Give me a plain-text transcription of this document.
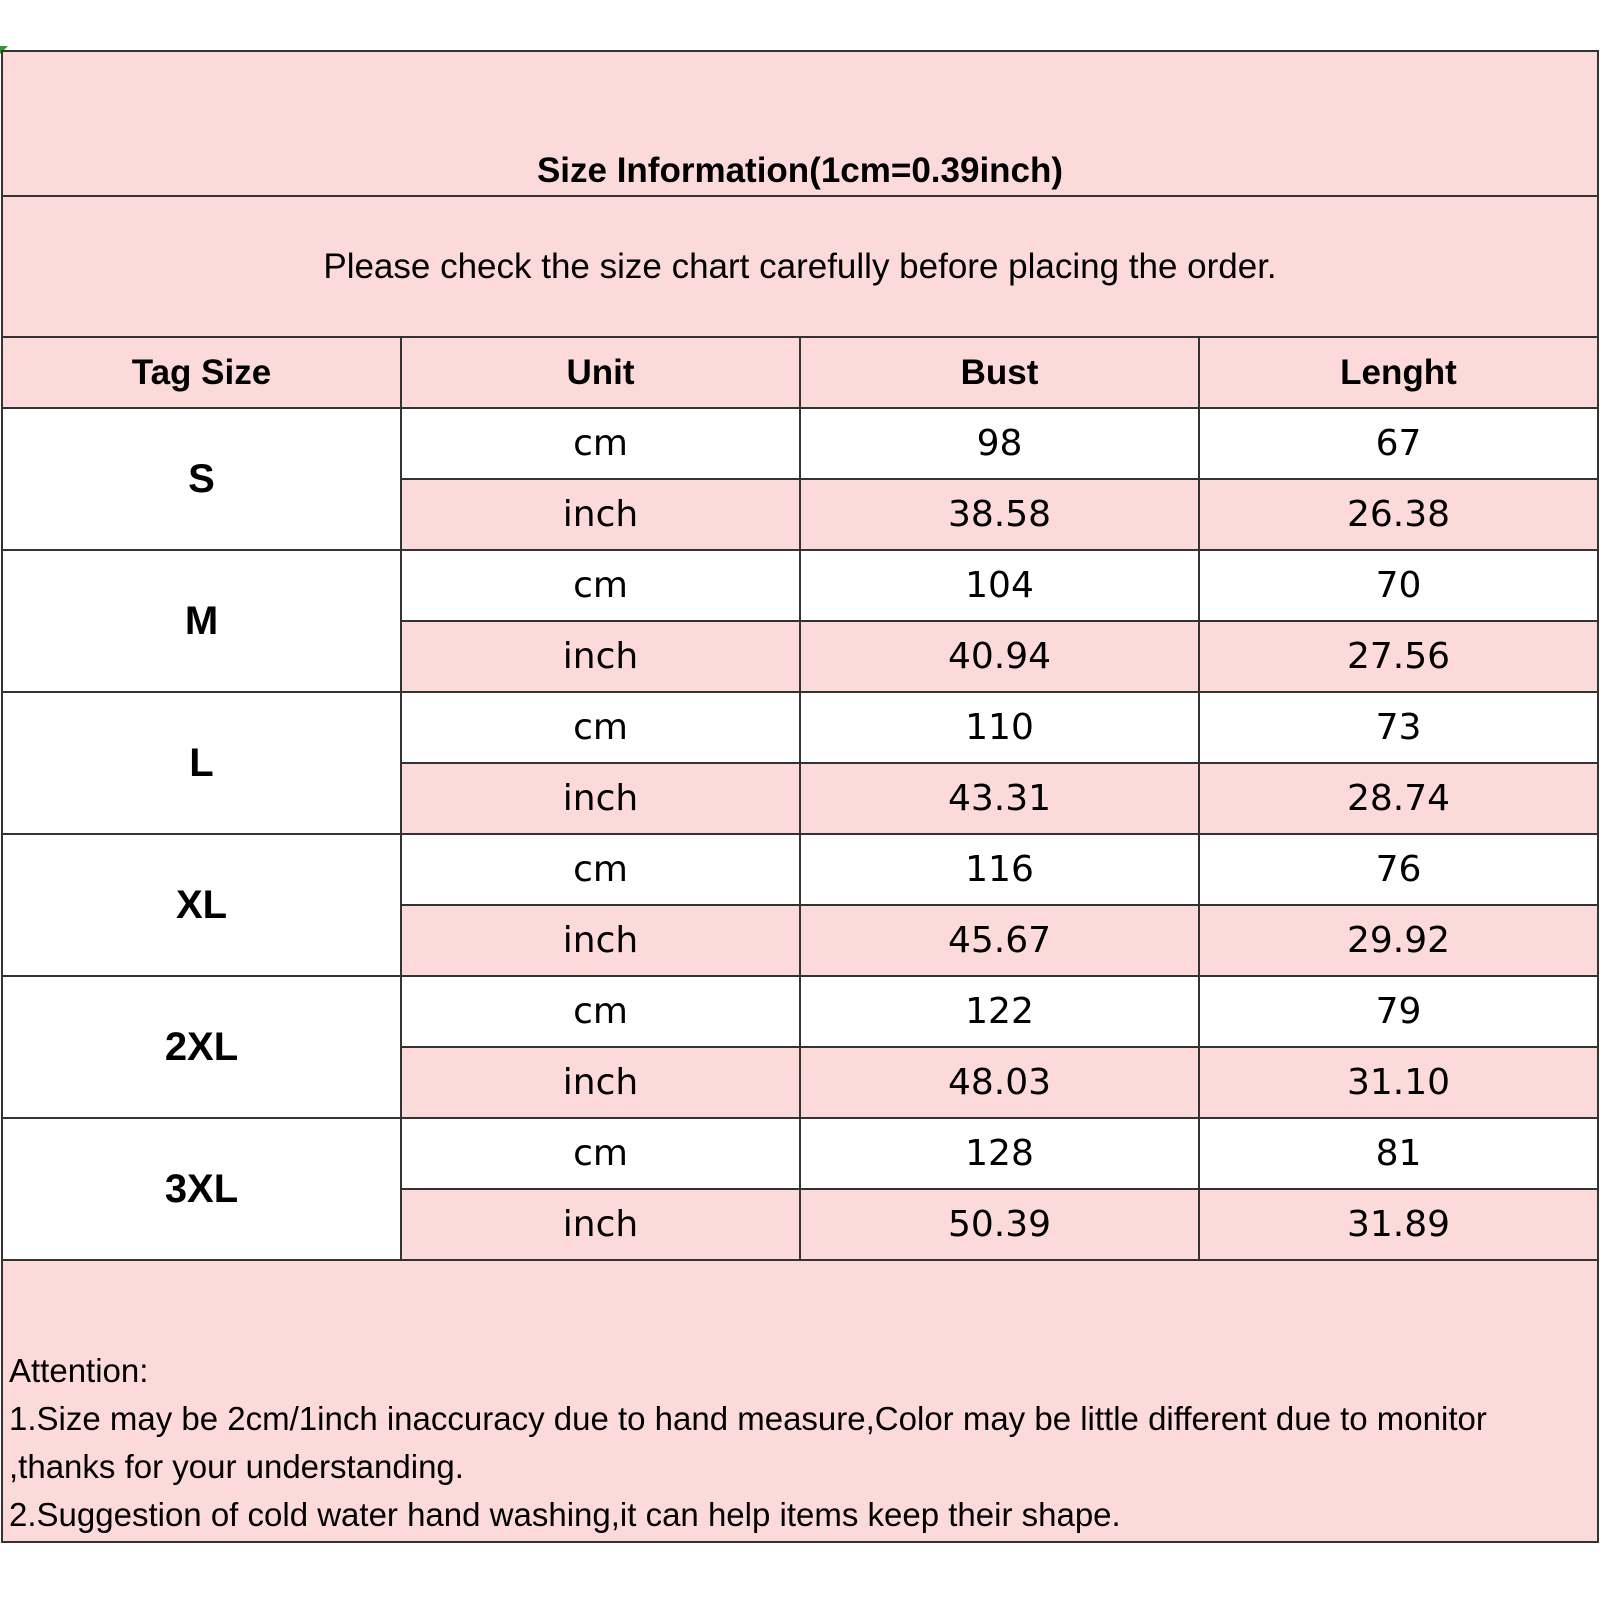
Size Information(1cm=0.39inch)			
Please check the size chart carefully before placing the order.			
Tag Size	Unit	Bust	Lenght
S	cm	98	67
	inch	38.58	26.38
M	cm	104	70
	inch	40.94	27.56
L	cm	110	73
	inch	43.31	28.74
XL	cm	116	76
	inch	45.67	29.92
2XL	cm	122	79
	inch	48.03	31.10
3XL	cm	128	81
	inch	50.39	31.89

Attention:
1.Size may be 2cm/1inch inaccuracy due to hand measure,Color may be little different due to monitor ,thanks for your understanding.
2.Suggestion of cold water hand washing,it can help items keep their shape.			
